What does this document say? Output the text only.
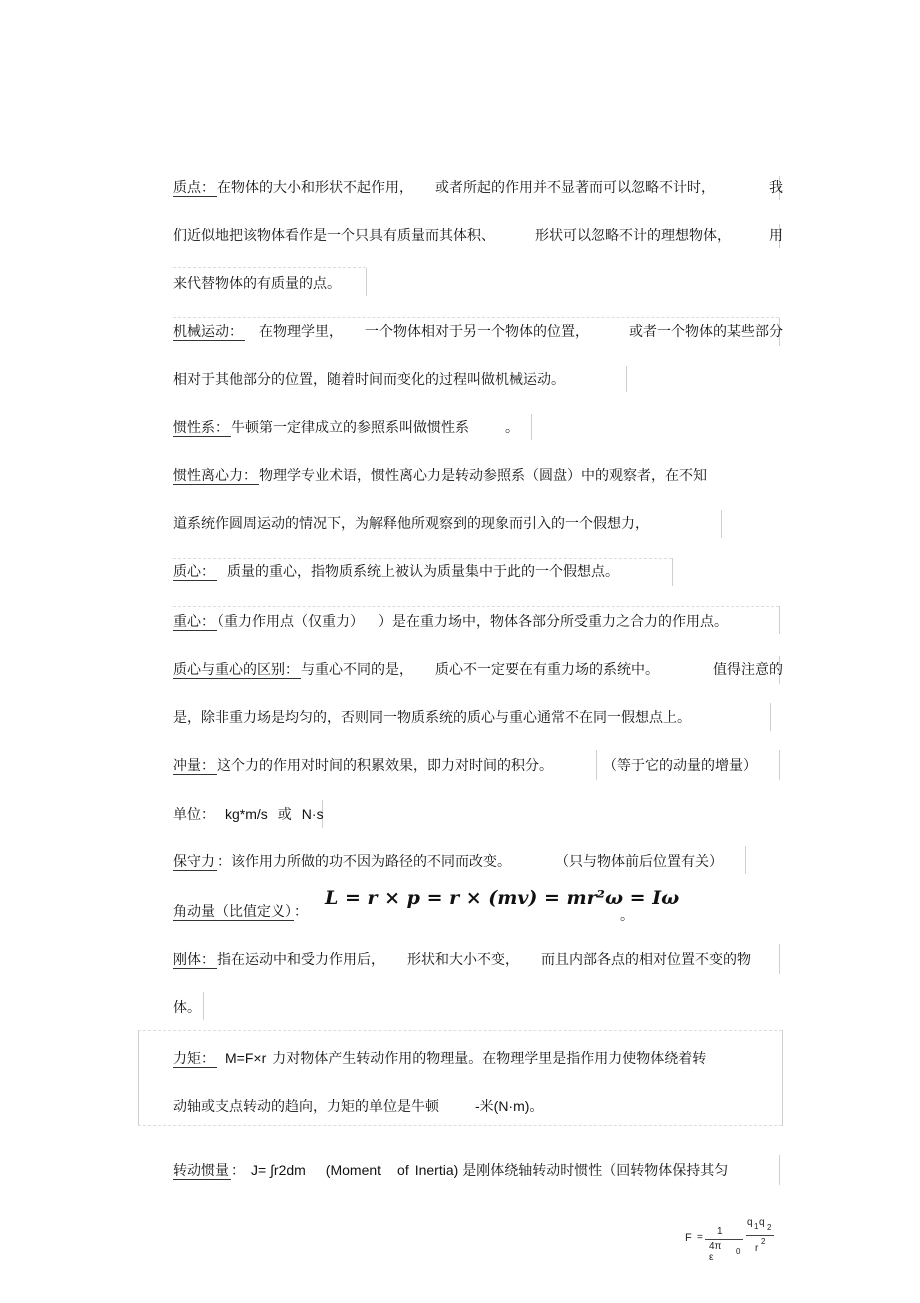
质点： 在物体的大小和形状不起作用， 或者所起的作用并不显著而可以忽略不计时，	我
们近似地把该物体看作是一个只具有质量而其体积、	形状可以忽略不计的理想物体，	用
来代替物体的有质量的点。
机械运动： 在物理学里， 一个物体相对于另一个物体的位置，	或者一个物体的某些部分
相对于其他部分的位置，随着时间而变化的过程叫做机械运动。
惯性系： 牛顿第一定律成立的参照系叫做惯性系	。
惯性离心力： 物理学专业术语，惯性离心力是转动参照系（圆盘）中的观察者，在不知
道系统作圆周运动的情况下，为解释他所观察到的现象而引入的一个假想力，
质心： 质量的重心，指物质系统上被认为质量集中于此的一个假想点。
重心： （重力作用点（仅重力） ）是在重力场中，物体各部分所受重力之合力的作用点。
质心与重心的区别： 与重心不同的是， 质心不一定要在有重力场的系统中。	值得注意的
是，除非重力场是均匀的，否则同一物质系统的质心与重心通常不在同一假想点上。
冲量： 这个力的作用对时间的积累效果，即力对时间的积分。	（等于它的动量的增量）
单位： kg*m/s 或 N·s
保守力 ：该作用力所做的功不因为路径的不同而改变。	（只与物体前后位置有关）
角动量（比值定义） ：	。
L = r × p = r × (mv) = mr²ω = Iω
刚体： 指在运动中和受力作用后， 形状和大小不变， 而且内部各点的相对位置不变的物
体。
力矩： M=F×r 力对物体产生转动作用的物理量。在物理学里是指作用力使物体绕着转
动轴或支点转动的趋向，力矩的单位是牛顿	-米(N·m)。
转动惯量 ： J= ∫r2dm (Moment of Inertia) 是刚体绕轴转动时惯性（回转物体保持其匀
F =
1
4π ε
0
q 1 q 2
r
2
